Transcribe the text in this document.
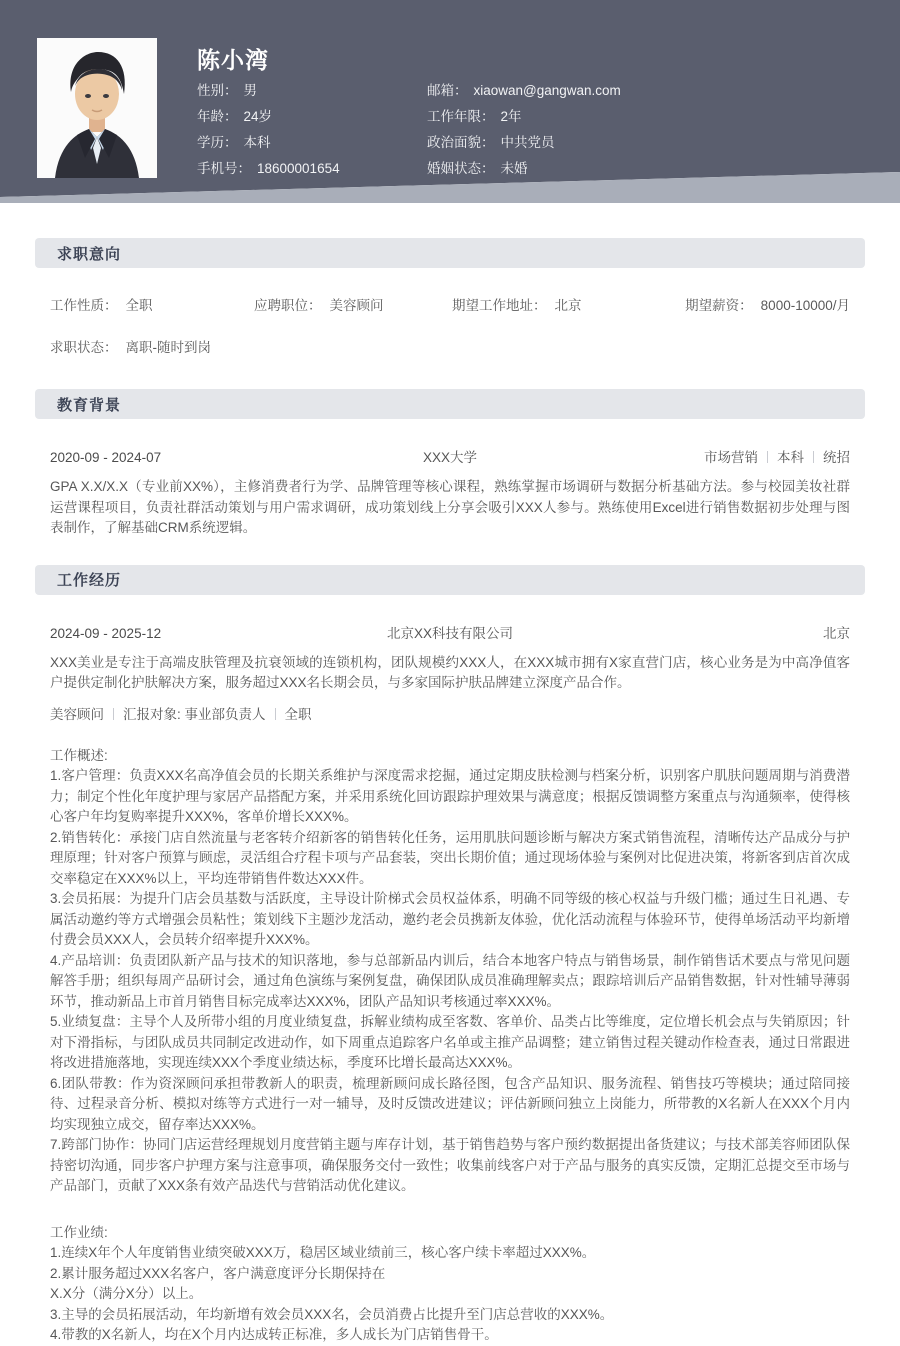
陈小湾
性别： 男	邮箱： xiaowan@gangwan.com
年龄： 24岁	工作年限： 2年
学历： 本科	政治面貌： 中共党员
手机号： 18600001654	婚姻状态： 未婚
求职意向
工作性质： 全职	应聘职位： 美容顾问	期望工作地址： 北京	期望薪资： 8000-10000/月
求职状态： 离职-随时到岗
教育背景
2020-09 - 2024-07	XXX大学	市场营销 本科 统招
GPA X.X/X.X（专业前XX%），主修消费者行为学、品牌管理等核心课程，熟练掌握市场调研与数据分析基础方法。参与校园美妆社群运营课程项目，负责社群活动策划与用户需求调研，成功策划线上分享会吸引XXX人参与。熟练使用Excel进行销售数据初步处理与图表制作，了解基础CRM系统逻辑。
工作经历
2024-09 - 2025-12	北京XX科技有限公司	北京
XXX美业是专注于高端皮肤管理及抗衰领域的连锁机构，团队规模约XXX人，在XXX城市拥有X家直营门店，核心业务是为中高净值客户提供定制化护肤解决方案，服务超过XXX名长期会员，与多家国际护肤品牌建立深度产品合作。
美容顾问 汇报对象: 事业部负责人 全职
工作概述:
1.客户管理：负责XXX名高净值会员的长期关系维护与深度需求挖掘，通过定期皮肤检测与档案分析，识别客户肌肤问题周期与消费潜力；制定个性化年度护理与家居产品搭配方案，并采用系统化回访跟踪护理效果与满意度；根据反馈调整方案重点与沟通频率，使得核心客户年均复购率提升XXX%，客单价增长XXX%。
2.销售转化：承接门店自然流量与老客转介绍新客的销售转化任务，运用肌肤问题诊断与解决方案式销售流程，清晰传达产品成分与护理原理；针对客户预算与顾虑，灵活组合疗程卡项与产品套装，突出长期价值；通过现场体验与案例对比促进决策，将新客到店首次成交率稳定在XXX%以上，平均连带销售件数达XXX件。
3.会员拓展：为提升门店会员基数与活跃度，主导设计阶梯式会员权益体系，明确不同等级的核心权益与升级门槛；通过生日礼遇、专属活动邀约等方式增强会员粘性；策划线下主题沙龙活动，邀约老会员携新友体验，优化活动流程与体验环节，使得单场活动平均新增付费会员XXX人，会员转介绍率提升XXX%。
4.产品培训：负责团队新产品与技术的知识落地，参与总部新品内训后，结合本地客户特点与销售场景，制作销售话术要点与常见问题解答手册；组织每周产品研讨会，通过角色演练与案例复盘，确保团队成员准确理解卖点；跟踪培训后产品销售数据，针对性辅导薄弱环节，推动新品上市首月销售目标完成率达XXX%，团队产品知识考核通过率XXX%。
5.业绩复盘：主导个人及所带小组的月度业绩复盘，拆解业绩构成至客数、客单价、品类占比等维度，定位增长机会点与失销原因；针对下滑指标，与团队成员共同制定改进动作，如下周重点追踪客户名单或主推产品调整；建立销售过程关键动作检查表，通过日常跟进将改进措施落地，实现连续XXX个季度业绩达标，季度环比增长最高达XXX%。
6.团队带教：作为资深顾问承担带教新人的职责，梳理新顾问成长路径图，包含产品知识、服务流程、销售技巧等模块；通过陪同接待、过程录音分析、模拟对练等方式进行一对一辅导，及时反馈改进建议；评估新顾问独立上岗能力，所带教的X名新人在XXX个月内均实现独立成交，留存率达XXX%。
7.跨部门协作：协同门店运营经理规划月度营销主题与库存计划，基于销售趋势与客户预约数据提出备货建议；与技术部美容师团队保持密切沟通，同步客户护理方案与注意事项，确保服务交付一致性；收集前线客户对于产品与服务的真实反馈，定期汇总提交至市场与产品部门，贡献了XXX条有效产品迭代与营销活动优化建议。
工作业绩:
1.连续X年个人年度销售业绩突破XXX万，稳居区域业绩前三，核心客户续卡率超过XXX%。
2.累计服务超过XXX名客户，客户满意度评分长期保持在
X.X分（满分X分）以上。
3.主导的会员拓展活动，年均新增有效会员XXX名，会员消费占比提升至门店总营收的XXX%。
4.带教的X名新人，均在X个月内达成转正标准，多人成长为门店销售骨干。
